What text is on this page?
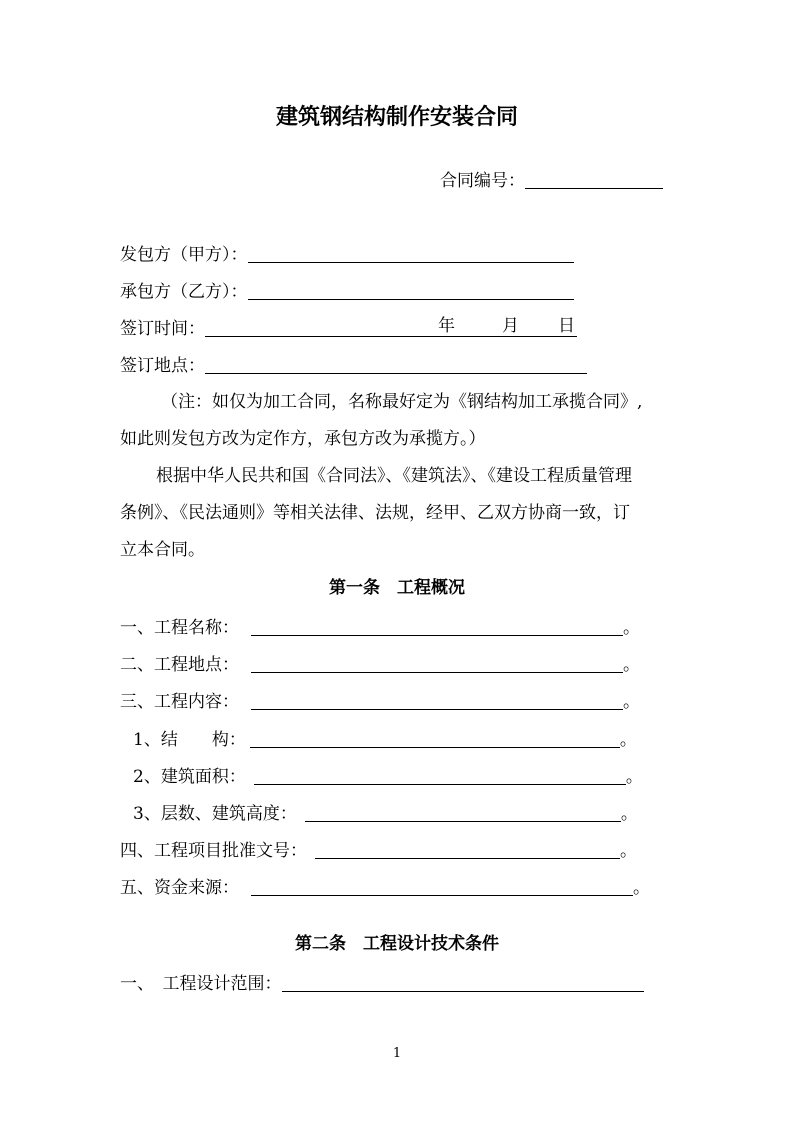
建筑钢结构制作安装合同
合同编号：
发包方（甲方）：
承包方（乙方）：
签订时间：	年	月 日
签订地点：
（注：如仅为加工合同，名称最好定为《钢结构加工承揽合同》,
如此则发包方改为定作方，承包方改为承揽方。）
根据中华人民共和国《合同法》、《建筑法》、《建设工程质量管理
条例》、《民法通则》等相关法律、法规，经甲、乙双方协商一致，订
立本合同。
第一条　工程概况
一、工程名称：	。
二、工程地点：	。
三、工程内容：	。
1、结　　构：	。
2、建筑面积：	。
3、层数、建筑高度：	。
四、工程项目批准文号：	。
五、资金来源：	。
第二条　工程设计技术条件
一、　工程设计范围：
1
